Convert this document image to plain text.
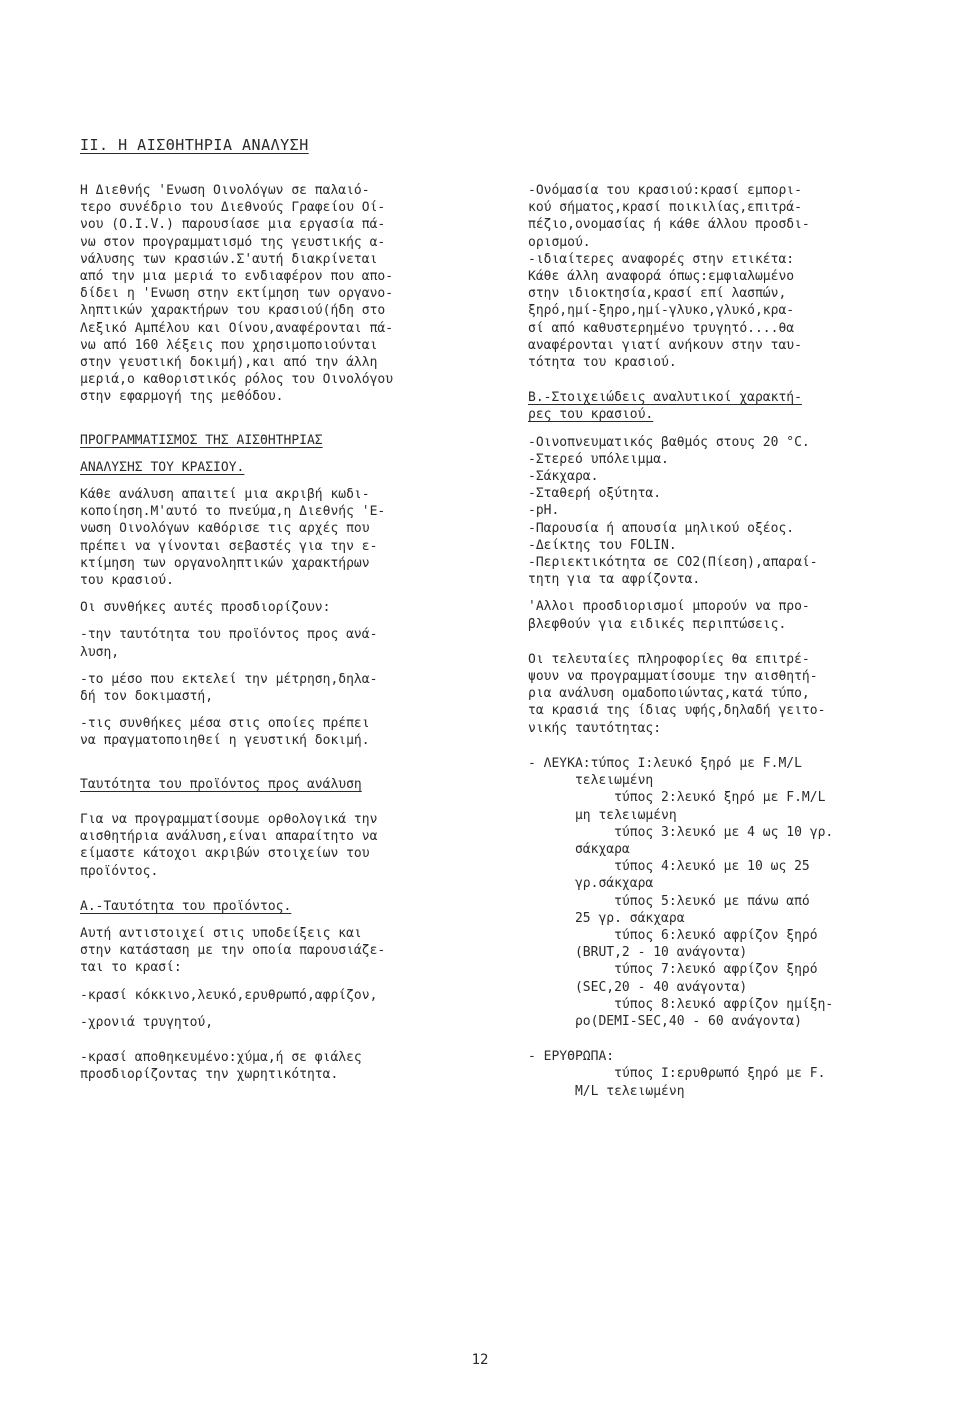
II. Η ΑΙΣΘΗΤΗΡΙΑ ΑΝΑΛΥΣΗ

Η Διεθνής 'Ενωση Οινολόγων σε παλαιό-

τερο συνέδριο του Διεθνούς Γραφείου Οί-

νου (Ο.Ι.V.) παρουσίασε μια εργασία πά-

νω στον προγραμματισμό της γευστικής α-

νάλυσης των κρασιών.Σ'αυτή διακρίνεται

από την μια μεριά το ενδιαφέρον που απο-

δίδει η 'Ενωση στην εκτίμηση των οργανο-

ληπτικών χαρακτήρων του κρασιού(ήδη στο

Λεξικό Αμπέλου και Οίνου,αναφέρονται πά-

νω από 160 λέξεις που χρησιμοποιούνται

στην γευστική δοκιμή),και από την άλλη

μεριά,ο καθοριστικός ρόλος του Οινολόγου

στην εφαρμογή της μεθόδου.

ΠΡΟΓΡΑΜΜΑΤΙΣΜΟΣ ΤΗΣ ΑΙΣΘΗΤΗΡΙΑΣ

ΑΝΑΛΥΣΗΣ ΤΟΥ ΚΡΑΣΙΟΥ.

Κάθε ανάλυση απαιτεί μια ακριβή κωδι-

κοποίηση.Μ'αυτό το πνεύμα,η Διεθνής 'Ε-

νωση Οινολόγων καθόρισε τις αρχές που

πρέπει να γίνονται σεβαστές για την ε-

κτίμηση των οργανοληπτικών χαρακτήρων

του κρασιού.

Οι συνθήκες αυτές προσδιορίζουν:

-την ταυτότητα του προϊόντος προς ανά-

λυση,

-το μέσο που εκτελεί την μέτρηση,δηλα-

δή τον δοκιμαστή,

-τις συνθήκες μέσα στις οποίες πρέπει

να πραγματοποιηθεί η γευστική δοκιμή.

Ταυτότητα του προϊόντος προς ανάλυση

Για να προγραμματίσουμε ορθολογικά την

αισθητήρια ανάλυση,είναι απαραίτητο να

είμαστε κάτοχοι ακριβών στοιχείων του

προϊόντος.

Α.-Ταυτότητα του προϊόντος.

Αυτή αντιστοιχεί στις υποδείξεις και

στην κατάσταση με την οποία παρουσιάζε-

ται το κρασί:

-κρασί κόκκινο,λευκό,ερυθρωπό,αφρίζον,

-χρονιά τρυγητού,

-κρασί αποθηκευμένο:χύμα,ή σε φιάλες

προσδιορίζοντας την χωρητικότητα.

-Ονόμασία του κρασιού:κρασί εμπορι-

κού σήματος,κρασί ποικιλίας,επιτρά-

πέζιο,ονομασίας ή κάθε άλλου προσδι-

ορισμού.

-ιδιαίτερες αναφορές στην ετικέτα:

Κάθε άλλη αναφορά όπως:εμφιαλωμένο

στην ιδιοκτησία,κρασί επί λασπών,

ξηρό,ημί-ξηρο,ημί-γλυκο,γλυκό,κρα-

σί από καθυστερημένο τρυγητό....θα

αναφέρονται γιατί ανήκουν στην ταυ-

τότητα του κρασιού.

Β.-Στοιχειώδεις αναλυτικοί χαρακτή-

ρες του κρασιού.

-Οινοπνευματικός βαθμός στους 20 °C.

-Στερεό υπόλειμμα.

-Σάκχαρα.

-Σταθερή οξύτητα.

-pH.

-Παρουσία ή απουσία μηλικού οξέος.

-Δείκτης του FOLIN.

-Περιεκτικότητα σε CO2(Πίεση),απαραί-

τητη για τα αφρίζοντα.

'Αλλοι προσδιορισμοί μπορούν να προ-

βλεφθούν για ειδικές περιπτώσεις.

Οι τελευταίες πληροφορίες θα επιτρέ-

ψουν να προγραμματίσουμε την αισθητή-

ρια ανάλυση ομαδοποιώντας,κατά τύπο,

τα κρασιά της ίδιας υφής,δηλαδή γειτο-

νικής ταυτότητας:

- ΛΕΥΚΑ:τύπος Ι:λευκό ξηρό με F.M/L

τελειωμένη

τύπος 2:λευκό ξηρό με F.M/L

μη τελειωμένη

τύπος 3:λευκό με 4 ως 10 γρ.

σάκχαρα

τύπος 4:λευκό με 10 ως 25

γρ.σάκχαρα

τύπος 5:λευκό με πάνω από

25 γρ. σάκχαρα

τύπος 6:λευκό αφρίζον ξηρό

(BRUT,2 - 10 ανάγοντα)

τύπος 7:λευκό αφρίζον ξηρό

(SEC,20 - 40 ανάγοντα)

τύπος 8:λευκό αφρίζον ημίξη-

ρο(DEMI-SEC,40 - 60 ανάγοντα)

- ΕΡΥΘΡΩΠΑ:

τύπος Ι:ερυθρωπό ξηρό με F.

M/L τελειωμένη

12
